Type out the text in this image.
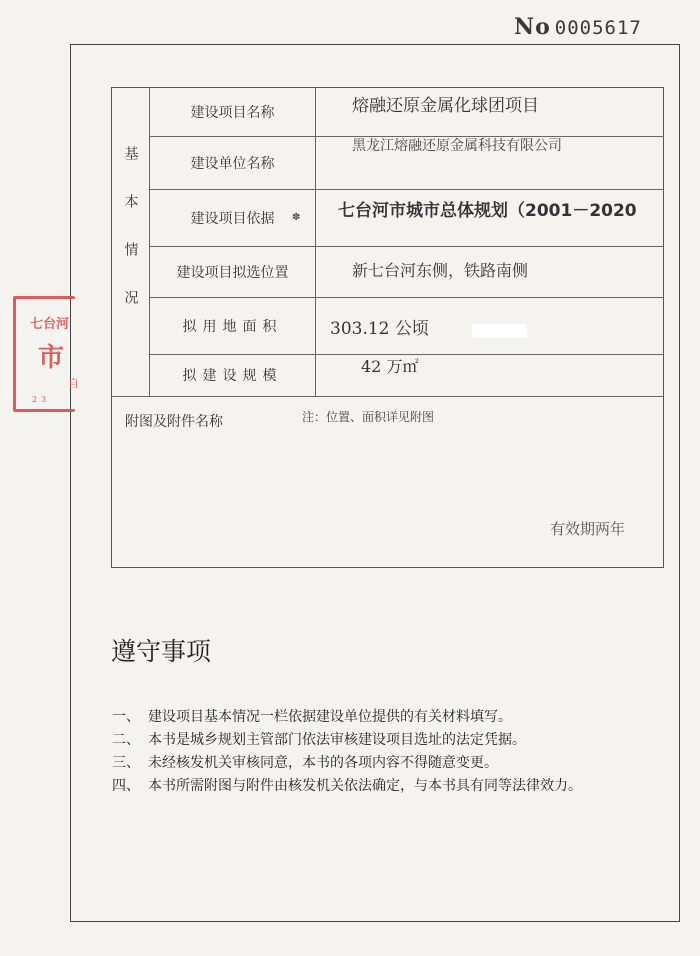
No 0005617
七台河
市
自
23
基本情况
建设项目名称
建设单位名称
建设项目依据
建设项目拟选位置
拟用地面积
拟建设规模
✽
熔融还原金属化球团项目
黑龙江熔融还原金属科技有限公司
七台河市城市总体规划（2001－2020
新七台河东侧，铁路南侧
303.12 公顷
42 万㎡
附图及附件名称	注：位置、面积详见附图
有效期两年
遵守事项
一、 建设项目基本情况一栏依据建设单位提供的有关材料填写。
二、 本书是城乡规划主管部门依法审核建设项目选址的法定凭据。
三、 未经核发机关审核同意，本书的各项内容不得随意变更。
四、 本书所需附图与附件由核发机关依法确定，与本书具有同等法律效力。
